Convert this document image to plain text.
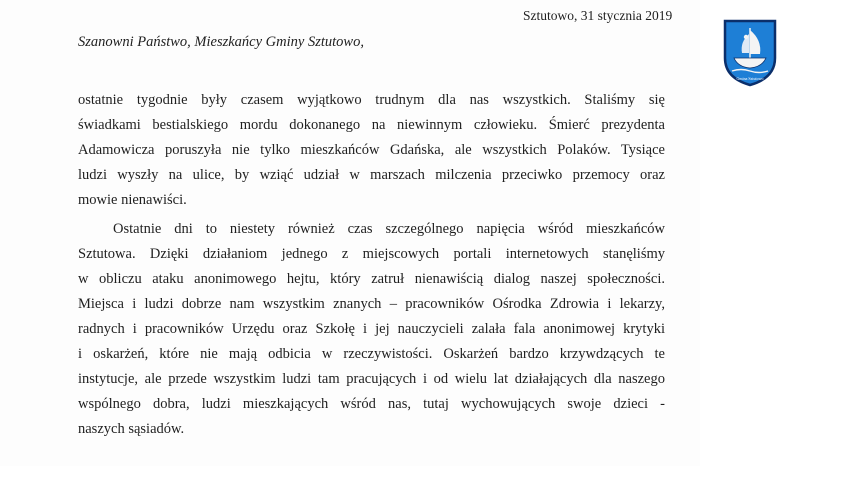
Sztutowo, 31 stycznia 2019
Szanowni Państwo, Mieszkańcy Gminy Sztutowo,
ostatnie tygodnie były czasem wyjątkowo trudnym dla nas wszystkich. Staliśmy się
świadkami bestialskiego mordu dokonanego na niewinnym człowieku. Śmierć prezydenta
Adamowicza poruszyła nie tylko mieszkańców Gdańska, ale wszystkich Polaków. Tysiące
ludzi wyszły na ulice, by wziąć udział w marszach milczenia przeciwko przemocy oraz
mowie nienawiści.
Ostatnie dni to niestety również czas szczególnego napięcia wśród mieszkańców
Sztutowa. Dzięki działaniom jednego z miejscowych portali internetowych stanęliśmy
w obliczu ataku anonimowego hejtu, który zatruł nienawiścią dialog naszej społeczności.
Miejsca i ludzi dobrze nam wszystkim znanych – pracowników Ośrodka Zdrowia i lekarzy,
radnych i pracowników Urzędu oraz Szkołę i jej nauczycieli zalała fala anonimowej krytyki
i oskarżeń, które nie mają odbicia w rzeczywistości. Oskarżeń bardzo krzywdzących te
instytucje, ale przede wszystkim ludzi tam pracujących i od wielu lat działających dla naszego
wspólnego dobra, ludzi mieszkających wśród nas, tutaj wychowujących swoje dzieci -
naszych sąsiadów.
Gmina Sztutowo
